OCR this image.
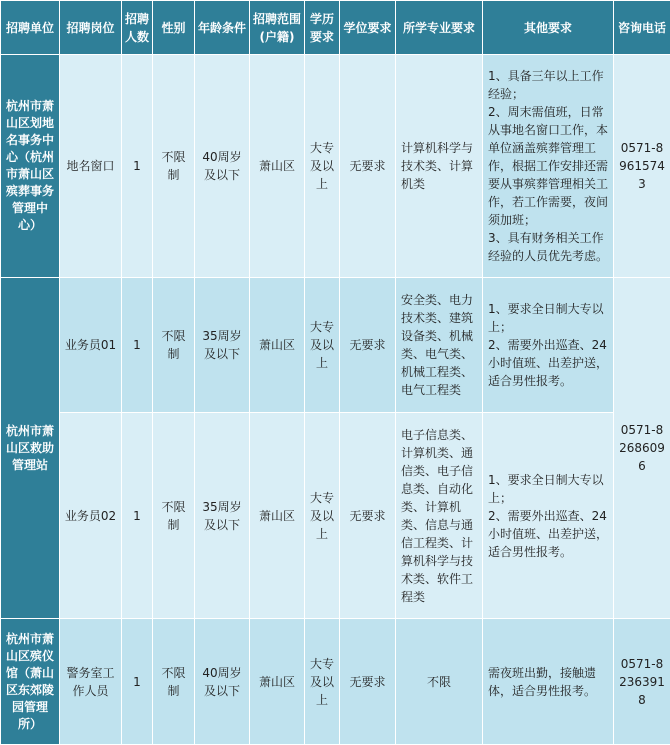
招聘单位	招聘岗位	招聘人数	性别	年龄条件	招聘范围(户籍)	学历要求	学位要求	所学专业要求	其他要求	咨询电话
杭州市萧山区划地名事务中心（杭州市萧山区殡葬事务管理中心）	地名窗口	1	不限制	40周岁及以下	萧山区	大专及以上	无要求	计算机科学与技术类、计算机类	1、具备三年以上工作经验；
2、周末需值班，日常从事地名窗口工作，本单位涵盖殡葬管理工作，根据工作安排还需要从事殡葬管理相关工作，若工作需要，夜间须加班；
3、具有财务相关工作经验的人员优先考虑。	0571-89615743
杭州市萧山区救助管理站	业务员01	1	不限制	35周岁及以下	萧山区	大专及以上	无要求	安全类、电力技术类、建筑设备类、机械类、电气类、机械工程类、电气工程类	1、要求全日制大专以上；
2、需要外出巡查、24小时值班、出差护送，适合男性报考。	0571-82686096
	业务员02	1	不限制	35周岁及以下	萧山区	大专及以上	无要求	电子信息类、计算机类、通信类、电子信息类、自动化类、计算机类、信息与通信工程类、计算机科学与技术类、软件工程类	1、要求全日制大专以上；
2、需要外出巡查、24小时值班、出差护送，适合男性报考。	

杭州市萧山区殡仪馆（萧山区东郊陵园管理所）	警务室工作人员	1	不限制	40周岁及以下	萧山区	大专及以上	无要求	不限	需夜班出勤，接触遗体，适合男性报考。	0571-82363918
